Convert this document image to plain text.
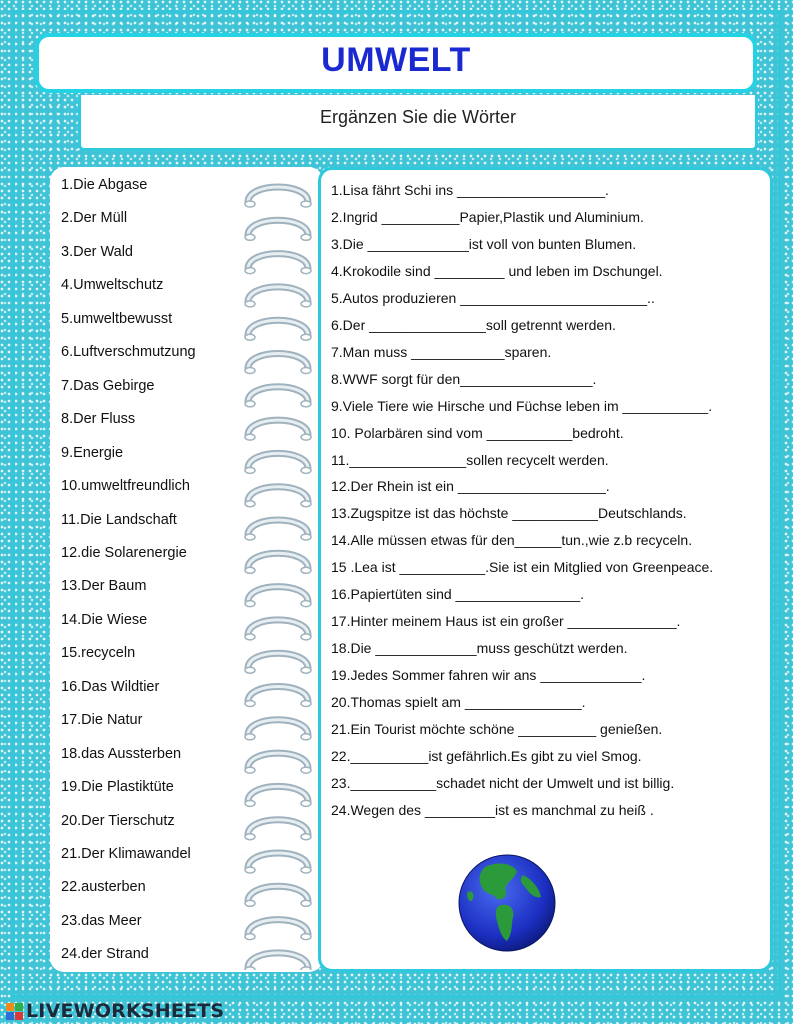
UMWELT
Ergänzen Sie die Wörter
1.Die Abgase
2.Der Müll
3.Der Wald
4.Umweltschutz
5.umweltbewusst
6.Luftverschmutzung
7.Das Gebirge
8.Der Fluss
9.Energie
10.umweltfreundlich
11.Die Landschaft
12.die Solarenergie
13.Der Baum
14.Die Wiese
15.recyceln
16.Das Wildtier
17.Die Natur
18.das Aussterben
19.Die Plastiktüte
20.Der Tierschutz
21.Der Klimawandel
22.austerben
23.das Meer
24.der Strand
1.Lisa fährt Schi ins ___________________.
2.Ingrid __________Papier,Plastik und Aluminium.
3.Die _____________ist voll von bunten Blumen.
4.Krokodile sind _________ und leben im Dschungel.
5.Autos produzieren ________________________..
6.Der _______________soll getrennt werden.
7.Man muss ____________sparen.
8.WWF sorgt für den_________________.
9.Viele Tiere wie Hirsche und Füchse leben im ___________.
10. Polarbären sind vom ___________bedroht.
11._______________sollen recycelt werden.
12.Der Rhein ist ein ___________________.
13.Zugspitze ist das höchste ___________Deutschlands.
14.Alle müssen etwas für den______tun.,wie z.b recyceln.
15 .Lea ist ___________.Sie ist ein Mitglied von Greenpeace.
16.Papiertüten sind ________________.
17.Hinter meinem Haus ist ein großer ______________.
18.Die _____________muss geschützt werden.
19.Jedes Sommer fahren wir ans _____________.
20.Thomas spielt am _______________.
21.Ein Tourist möchte schöne __________ genießen.
22.__________ist gefährlich.Es gibt zu viel Smog.
23.___________schadet nicht der Umwelt und ist billig.
24.Wegen des _________ist es manchmal zu heiß .
LIVEWORKSHEETS
